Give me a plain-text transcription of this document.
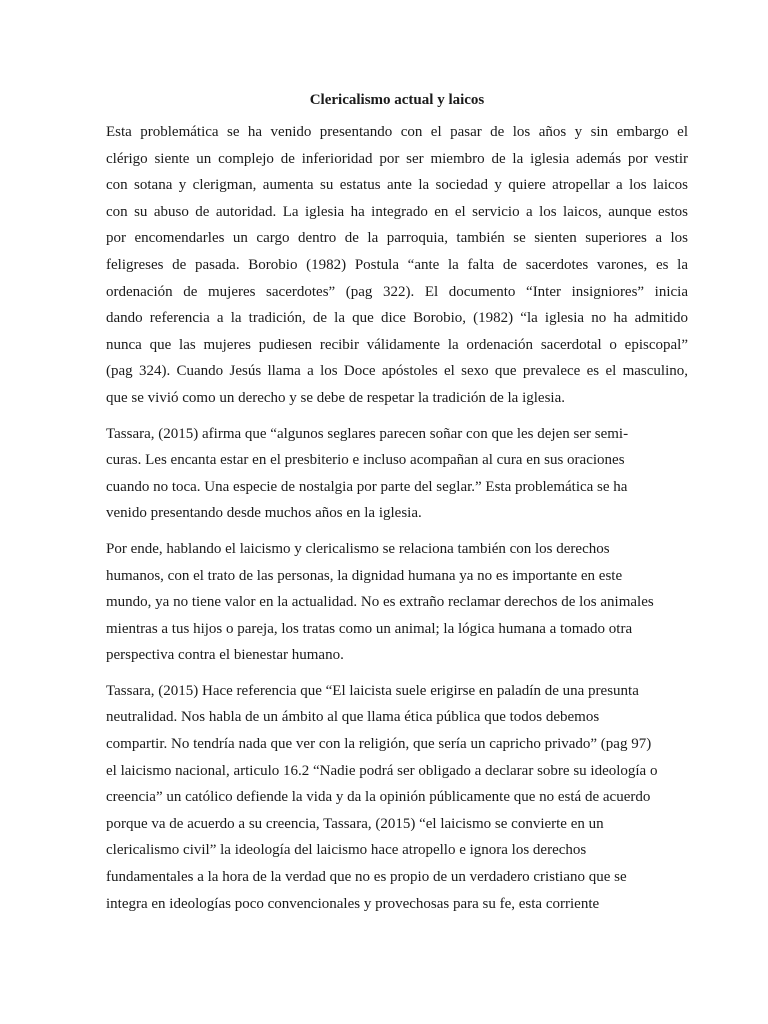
Clericalismo actual y laicos
Esta problemática se ha venido presentando con el pasar de los años y sin embargo el
clérigo siente un complejo de inferioridad por ser miembro de la iglesia además por vestir
con sotana y clerigman, aumenta su estatus ante la sociedad y quiere atropellar a los laicos
con su abuso de autoridad. La iglesia ha integrado en el servicio a los laicos, aunque estos
por encomendarles un cargo dentro de la parroquia, también se sienten superiores a los
feligreses de pasada. Borobio (1982) Postula “ante la falta de sacerdotes varones, es la
ordenación de mujeres sacerdotes” (pag 322). El documento “Inter insigniores” inicia
dando referencia a la tradición, de la que dice Borobio, (1982) “la iglesia no ha admitido
nunca que las mujeres pudiesen recibir válidamente la ordenación sacerdotal o episcopal”
(pag 324). Cuando Jesús llama a los Doce apóstoles el sexo que prevalece es el masculino,
que se vivió como un derecho y se debe de respetar la tradición de la iglesia.
Tassara, (2015) afirma que “algunos seglares parecen soñar con que les dejen ser semi-
curas. Les encanta estar en el presbiterio e incluso acompañan al cura en sus oraciones
cuando no toca. Una especie de nostalgia por parte del seglar.” Esta problemática se ha
venido presentando desde muchos años en la iglesia.
Por ende, hablando el laicismo y clericalismo se relaciona también con los derechos
humanos, con el trato de las personas, la dignidad humana ya no es importante en este
mundo, ya no tiene valor en la actualidad. No es extraño reclamar derechos de los animales
mientras a tus hijos o pareja, los tratas como un animal; la lógica humana a tomado otra
perspectiva contra el bienestar humano.
Tassara, (2015) Hace referencia que “El laicista suele erigirse en paladín de una presunta
neutralidad. Nos habla de un ámbito al que llama ética pública que todos debemos
compartir. No tendría nada que ver con la religión, que sería un capricho privado” (pag 97)
el laicismo nacional, articulo 16.2 “Nadie podrá ser obligado a declarar sobre su ideología o
creencia” un católico defiende la vida y da la opinión públicamente que no está de acuerdo
porque va de acuerdo a su creencia, Tassara, (2015) “el laicismo se convierte en un
clericalismo civil” la ideología del laicismo hace atropello e ignora los derechos
fundamentales a la hora de la verdad que no es propio de un verdadero cristiano que se
integra en ideologías poco convencionales y provechosas para su fe, esta corriente
